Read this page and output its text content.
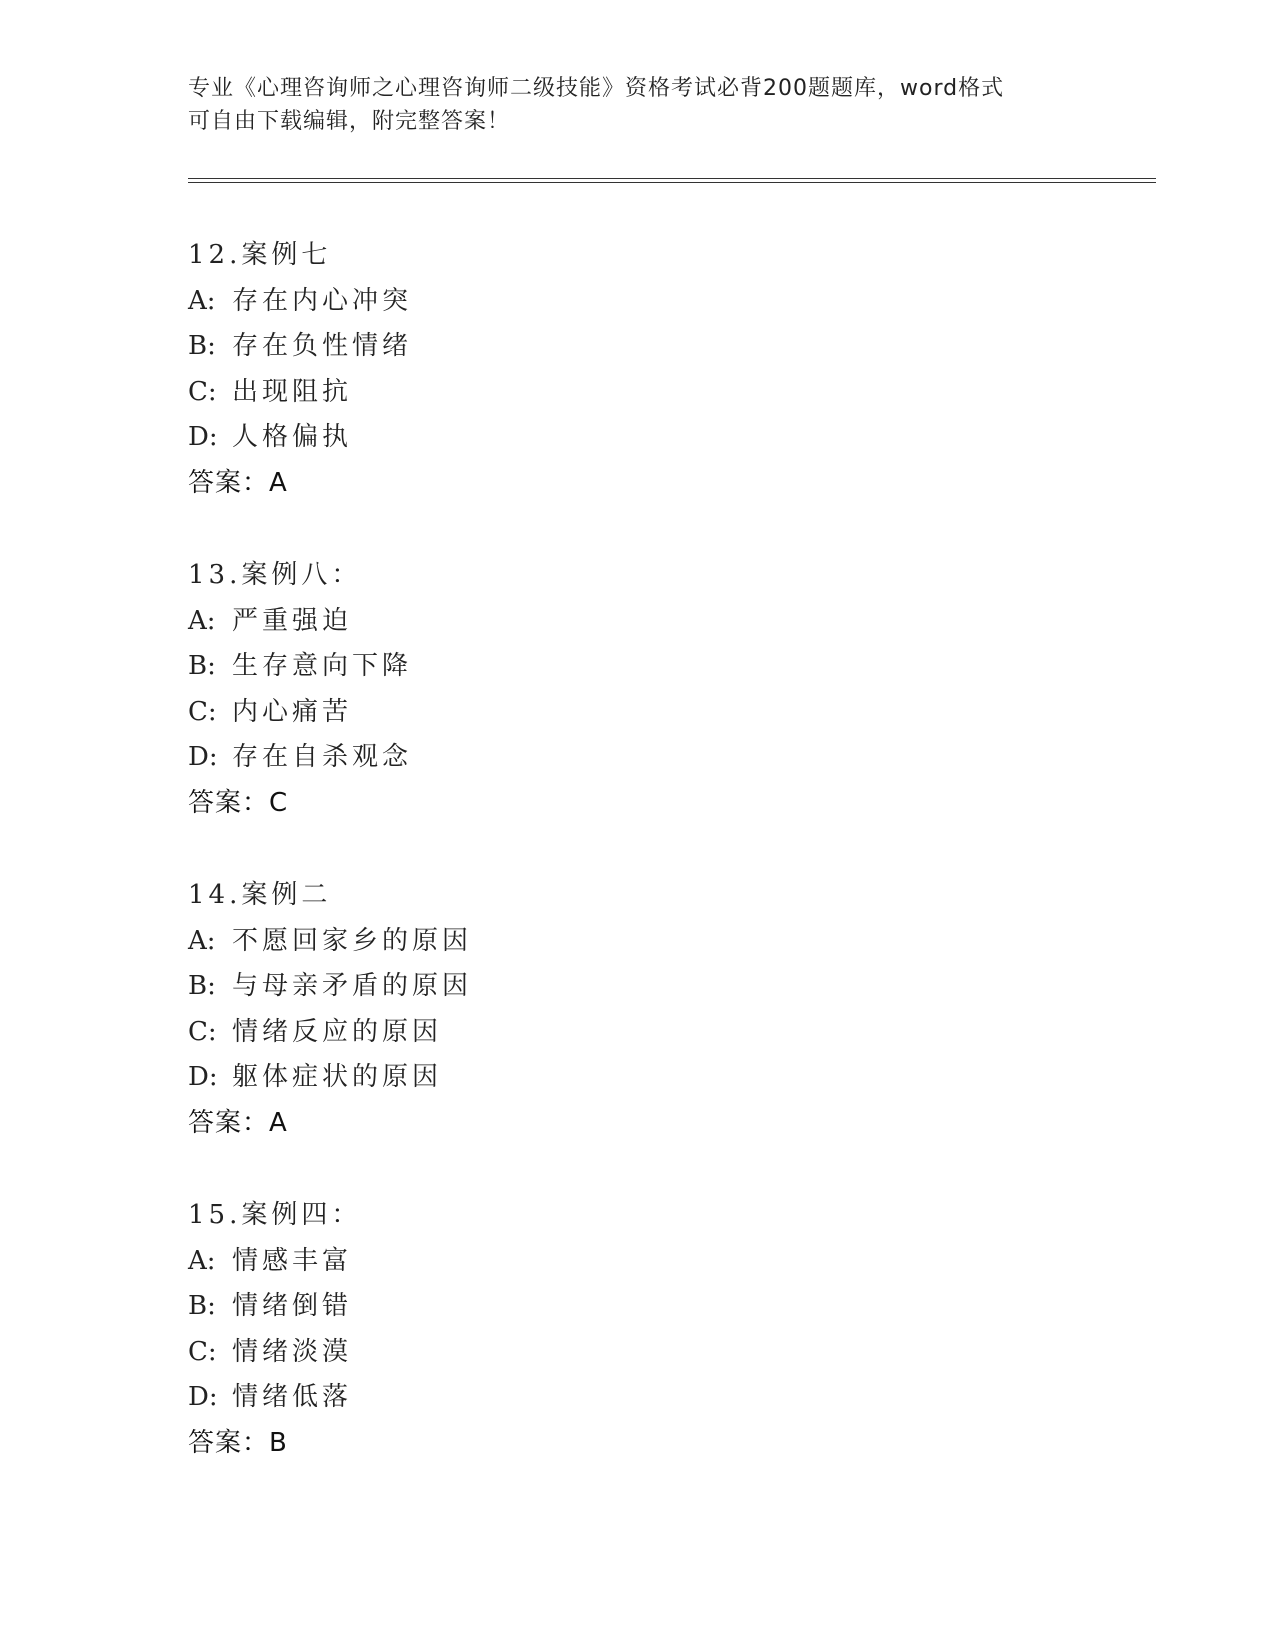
专业《心理咨询师之心理咨询师二级技能》资格考试必背200题题库，word格式
可自由下载编辑，附完整答案！
12.案例七
A: 存在内心冲突
B: 存在负性情绪
C: 出现阻抗
D: 人格偏执
答案：A
13.案例八：
A: 严重强迫
B: 生存意向下降
C: 内心痛苦
D: 存在自杀观念
答案：C
14.案例二
A: 不愿回家乡的原因
B: 与母亲矛盾的原因
C: 情绪反应的原因
D: 躯体症状的原因
答案：A
15.案例四：
A: 情感丰富
B: 情绪倒错
C: 情绪淡漠
D: 情绪低落
答案：B
